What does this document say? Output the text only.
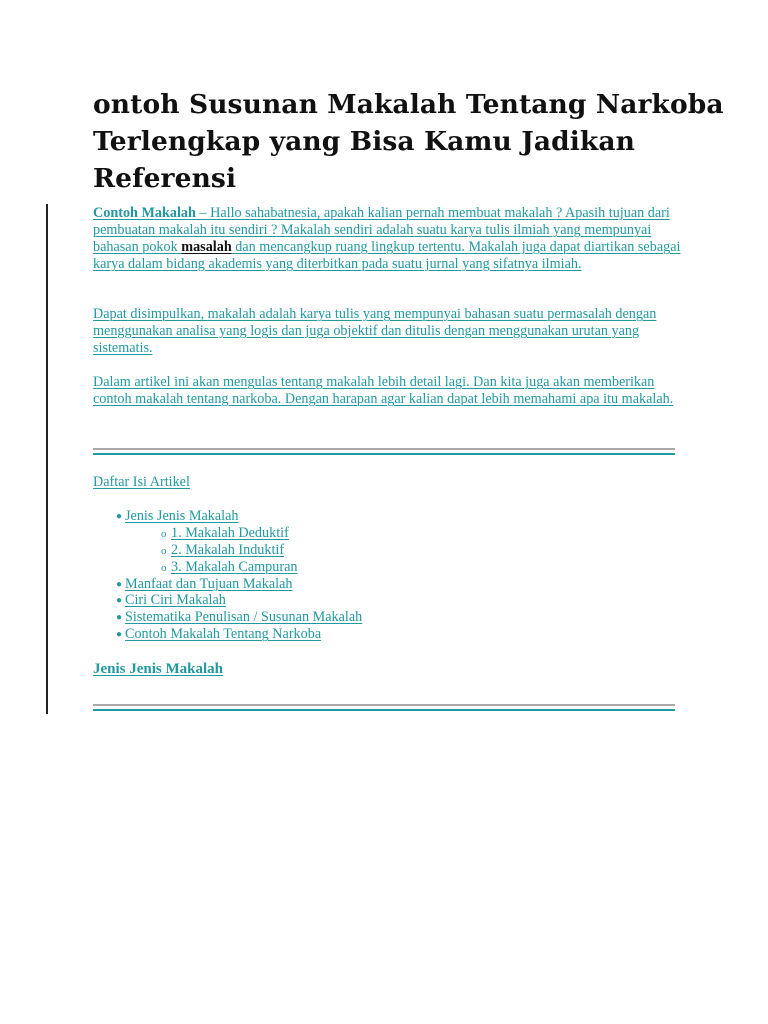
ontoh Susunan Makalah Tentang Narkoba Terlengkap yang Bisa Kamu Jadikan Referensi

Contoh Makalah – Hallo sahabatnesia, apakah kalian pernah membuat makalah ? Apasih tujuan dari pembuatan makalah itu sendiri ? Makalah sendiri adalah suatu karya tulis ilmiah yang mempunyai bahasan pokok masalah dan mencangkup ruang lingkup tertentu. Makalah juga dapat diartikan sebagai karya dalam bidang akademis yang diterbitkan pada suatu jurnal yang sifatnya ilmiah.

Dapat disimpulkan, makalah adalah karya tulis yang mempunyai bahasan suatu permasalah dengan menggunakan analisa yang logis dan juga objektif dan ditulis dengan menggunakan urutan yang sistematis.

Dalam artikel ini akan mengulas tentang makalah lebih detail lagi. Dan kita juga akan memberikan contoh makalah tentang narkoba. Dengan harapan agar kalian dapat lebih memahami apa itu makalah.

Daftar Isi Artikel
● Jenis Jenis Makalah
o 1. Makalah Deduktif
o 2. Makalah Induktif
o 3. Makalah Campuran
● Manfaat dan Tujuan Makalah
● Ciri Ciri Makalah
● Sistematika Penulisan / Susunan Makalah
● Contoh Makalah Tentang Narkoba
Jenis Jenis Makalah
